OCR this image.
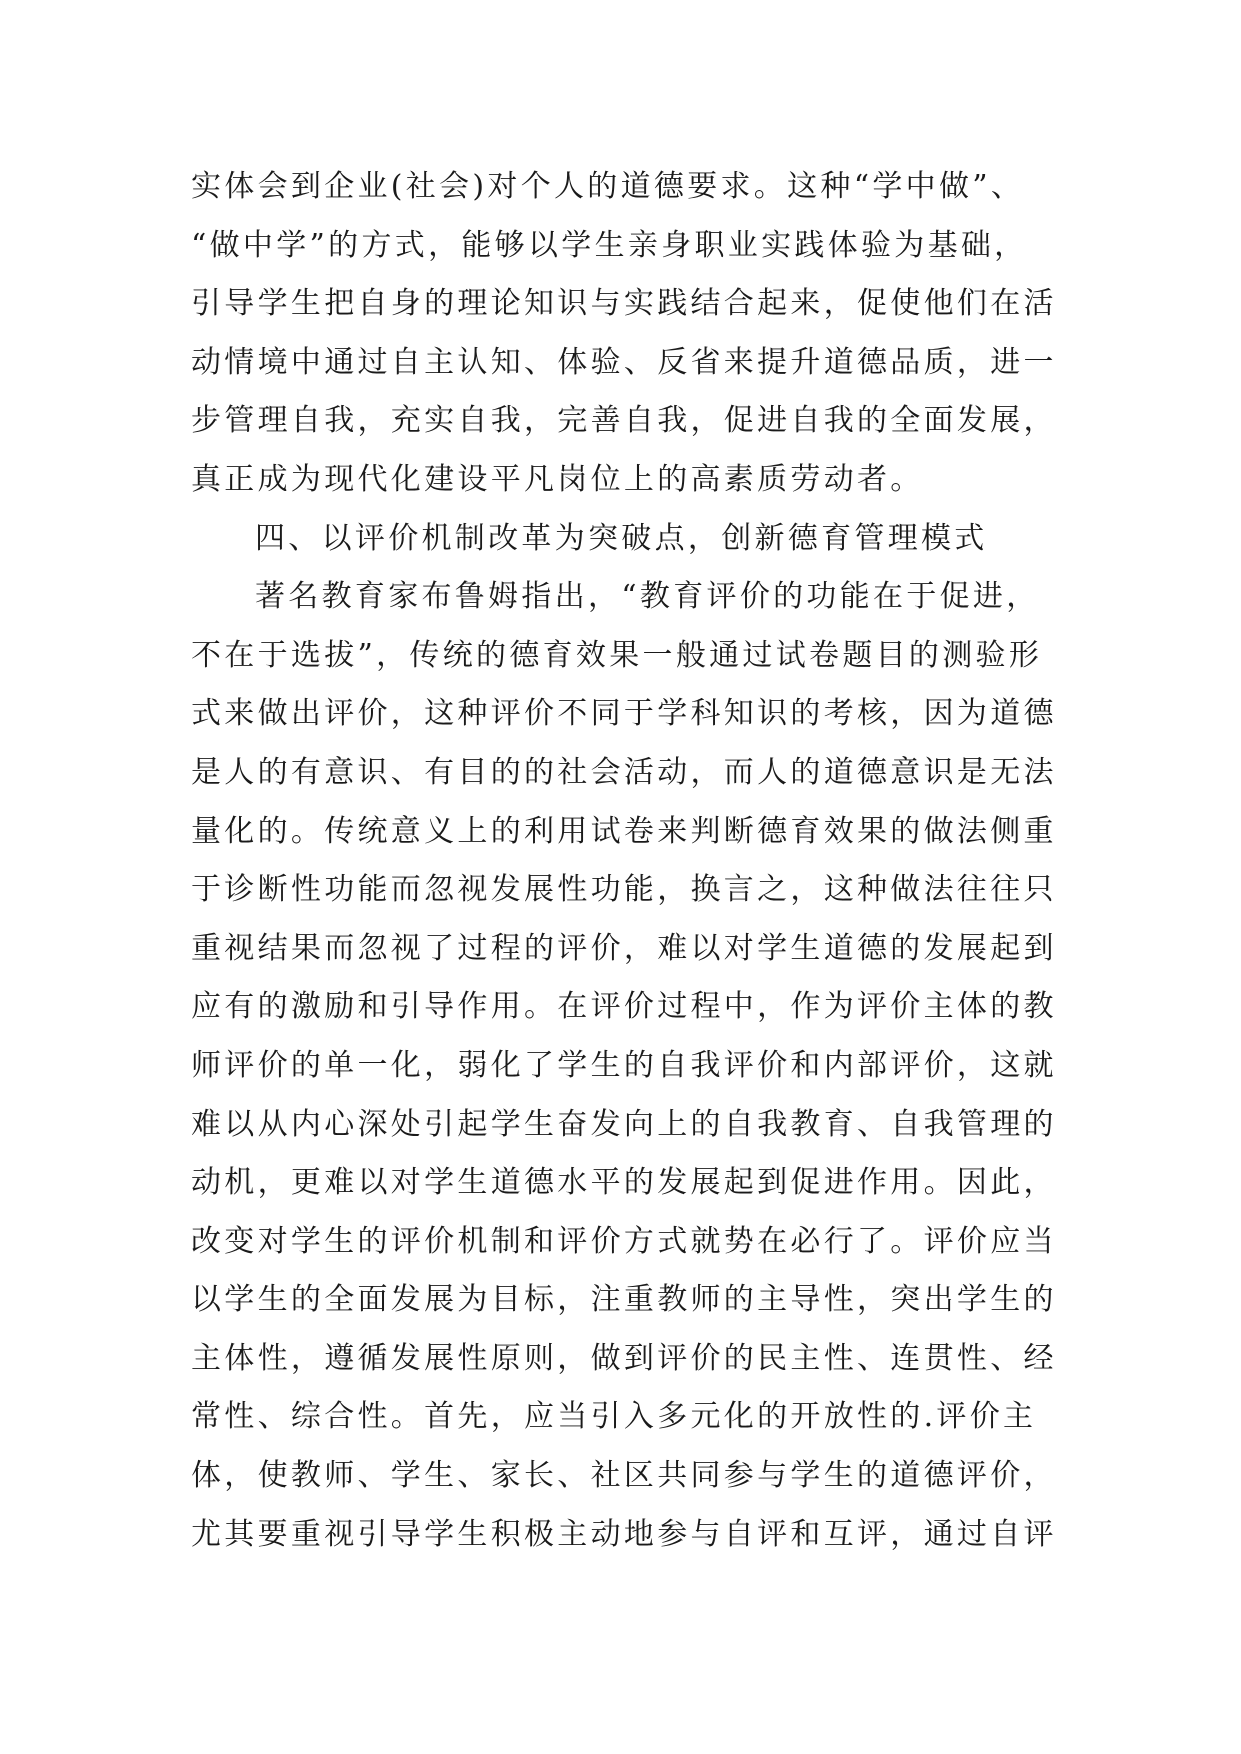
实体会到企业(社会)对个人的道德要求。这种“学中做”、
“做中学”的方式，能够以学生亲身职业实践体验为基础，
引导学生把自身的理论知识与实践结合起来，促使他们在活
动情境中通过自主认知、体验、反省来提升道德品质，进一
步管理自我，充实自我，完善自我，促进自我的全面发展，
真正成为现代化建设平凡岗位上的高素质劳动者。
四、以评价机制改革为突破点，创新德育管理模式
著名教育家布鲁姆指出，“教育评价的功能在于促进，
不在于选拔”，传统的德育效果一般通过试卷题目的测验形
式来做出评价，这种评价不同于学科知识的考核，因为道德
是人的有意识、有目的的社会活动，而人的道德意识是无法
量化的。传统意义上的利用试卷来判断德育效果的做法侧重
于诊断性功能而忽视发展性功能，换言之，这种做法往往只
重视结果而忽视了过程的评价，难以对学生道德的发展起到
应有的激励和引导作用。在评价过程中，作为评价主体的教
师评价的单一化，弱化了学生的自我评价和内部评价，这就
难以从内心深处引起学生奋发向上的自我教育、自我管理的
动机，更难以对学生道德水平的发展起到促进作用。因此，
改变对学生的评价机制和评价方式就势在必行了。评价应当
以学生的全面发展为目标，注重教师的主导性，突出学生的
主体性，遵循发展性原则，做到评价的民主性、连贯性、经
常性、综合性。首先，应当引入多元化的开放性的.评价主
体，使教师、学生、家长、社区共同参与学生的道德评价，
尤其要重视引导学生积极主动地参与自评和互评，通过自评
